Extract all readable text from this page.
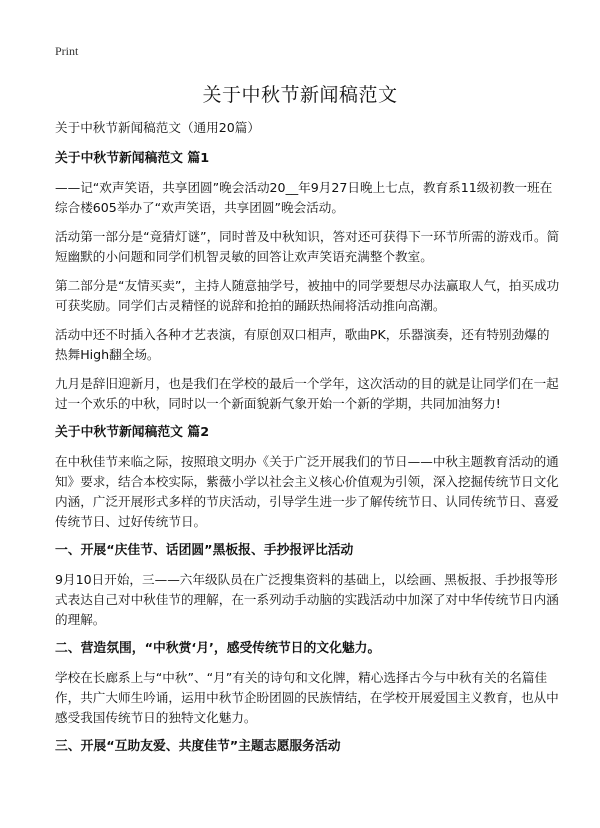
Print
关于中秋节新闻稿范文

关于中秋节新闻稿范文（通用20篇）

关于中秋节新闻稿范文 篇1

——记“欢声笑语，共享团圆”晚会活动20__年9月27日晚上七点，教育系11级初教一班在综合楼605举办了“欢声笑语，共享团圆”晚会活动。

活动第一部分是“竟猜灯谜”，同时普及中秋知识，答对还可获得下一环节所需的游戏币。简短幽默的小问题和同学们机智灵敏的回答让欢声笑语充满整个教室。

第二部分是“友情买卖”，主持人随意抽学号，被抽中的同学要想尽办法赢取人气，拍买成功可获奖励。同学们古灵精怪的说辞和抢拍的踊跃热闹将活动推向高潮。

活动中还不时插入各种才艺表演，有原创双口相声，歌曲PK，乐器演奏，还有特别劲爆的热舞High翻全场。

九月是辞旧迎新月，也是我们在学校的最后一个学年，这次活动的目的就是让同学们在一起过一个欢乐的中秋，同时以一个新面貌新气象开始一个新的学期，共同加油努力!

关于中秋节新闻稿范文 篇2

在中秋佳节来临之际，按照琅文明办《关于广泛开展我们的节日——中秋主题教育活动的通知》要求，结合本校实际，紫薇小学以社会主义核心价值观为引领，深入挖掘传统节日文化内涵，广泛开展形式多样的节庆活动，引导学生进一步了解传统节日、认同传统节日、喜爱传统节日、过好传统节日。

一、开展“庆佳节、话团圆”黑板报、手抄报评比活动

9月10日开始，三——六年级队员在广泛搜集资料的基础上，以绘画、黑板报、手抄报等形式表达自己对中秋佳节的理解，在一系列动手动脑的实践活动中加深了对中华传统节日内涵的理解。

二、营造氛围，“中秋赏‘月’，感受传统节日的文化魅力。

学校在长廊系上与“中秋”、“月”有关的诗句和文化牌，精心选择古今与中秋有关的名篇佳作，共广大师生吟诵，运用中秋节企盼团圆的民族情结，在学校开展爱国主义教育，也从中感受我国传统节日的独特文化魅力。

三、开展“互助友爱、共度佳节”主题志愿服务活动
